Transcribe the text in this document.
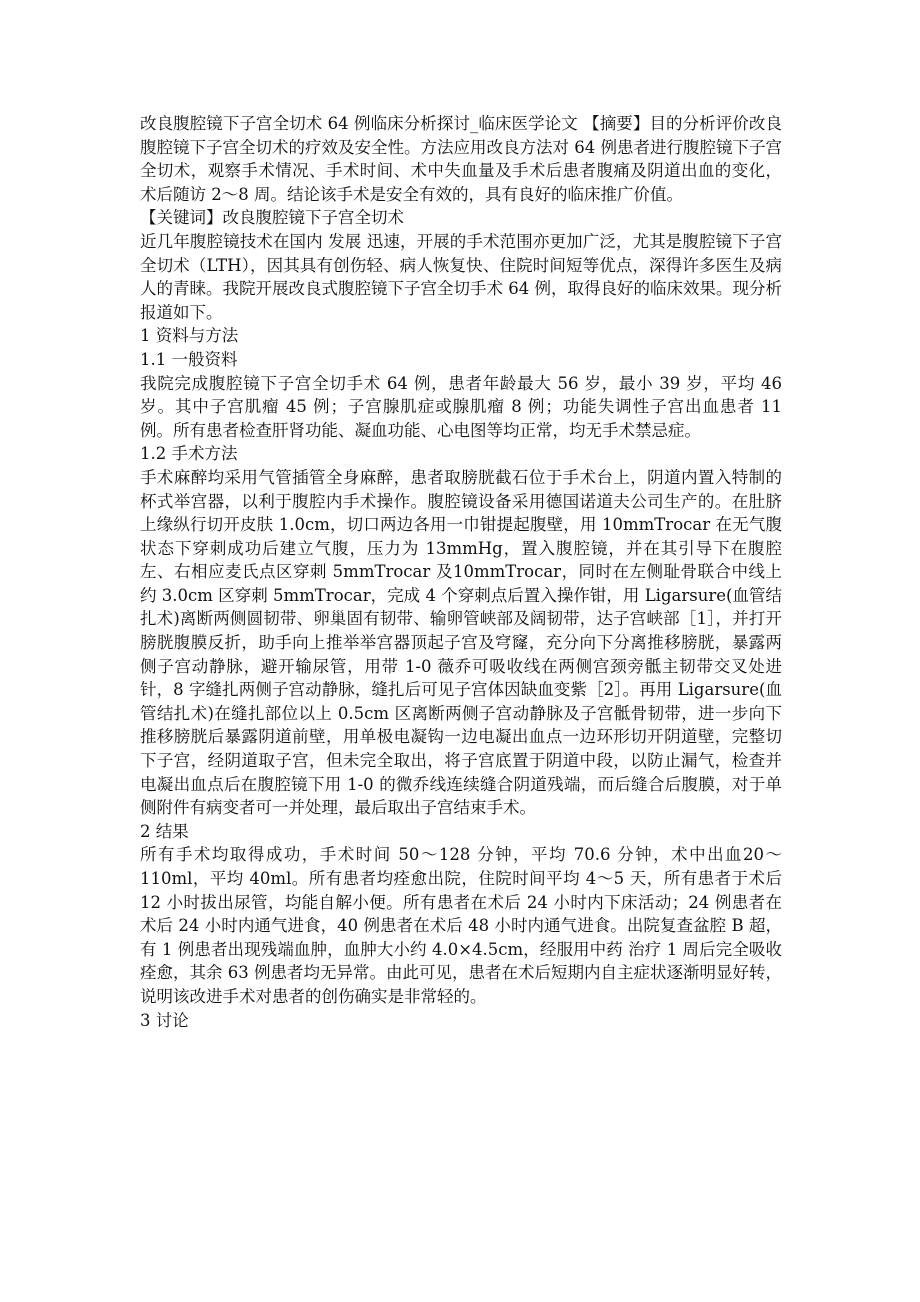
改良腹腔镜下子宫全切术 64 例临床分析探讨_临床医学论文 【摘要】目的分析评价改良腹腔镜下子宫全切术的疗效及安全性。方法应用改良方法对 64 例患者进行腹腔镜下子宫全切术，观察手术情况、手术时间、术中失血量及手术后患者腹痛及阴道出血的变化，术后随访 2～8 周。结论该手术是安全有效的，具有良好的临床推广价值。

【关键词】改良腹腔镜下子宫全切术

近几年腹腔镜技术在国内 发展 迅速，开展的手术范围亦更加广泛，尤其是腹腔镜下子宫全切术（LTH），因其具有创伤轻、病人恢复快、住院时间短等优点，深得许多医生及病人的青睐。我院开展改良式腹腔镜下子宫全切手术 64 例，取得良好的临床效果。现分析报道如下。

1 资料与方法

1.1 一般资料

我院完成腹腔镜下子宫全切手术 64 例，患者年龄最大 56 岁，最小 39 岁，平均 46 岁。其中子宫肌瘤 45 例；子宫腺肌症或腺肌瘤 8 例；功能失调性子宫出血患者 11 例。所有患者检查肝肾功能、凝血功能、心电图等均正常，均无手术禁忌症。

1.2 手术方法

手术麻醉均采用气管插管全身麻醉，患者取膀胱截石位于手术台上，阴道内置入特制的杯式举宫器，以利于腹腔内手术操作。腹腔镜设备采用德国诺道夫公司生产的。在肚脐上缘纵行切开皮肤 1.0cm，切口两边各用一巾钳提起腹壁，用 10mmTrocar 在无气腹状态下穿刺成功后建立气腹，压力为 13mmHg，置入腹腔镜，并在其引导下在腹腔左、右相应麦氏点区穿刺 5mmTrocar 及10mmTrocar，同时在左侧耻骨联合中线上约 3.0cm 区穿刺 5mmTrocar，完成 4 个穿刺点后置入操作钳，用 Ligarsure(血管结扎术)离断两侧圆韧带、卵巢固有韧带、输卵管峡部及阔韧带，达子宫峡部［1］，并打开膀胱腹膜反折，助手向上推举举宫器顶起子宫及穹窿，充分向下分离推移膀胱，暴露两侧子宫动静脉，避开输尿管，用带 1-0 薇乔可吸收线在两侧宫颈旁骶主韧带交叉处进针，8 字缝扎两侧子宫动静脉，缝扎后可见子宫体因缺血变紫［2］。再用 Ligarsure(血管结扎术)在缝扎部位以上 0.5cm 区离断两侧子宫动静脉及子宫骶骨韧带，进一步向下推移膀胱后暴露阴道前壁，用单极电凝钩一边电凝出血点一边环形切开阴道壁，完整切下子宫，经阴道取子宫，但未完全取出，将子宫底置于阴道中段，以防止漏气，检查并电凝出血点后在腹腔镜下用 1-0 的微乔线连续缝合阴道残端，而后缝合后腹膜，对于单侧附件有病变者可一并处理，最后取出子宫结束手术。

2 结果

所有手术均取得成功，手术时间 50～128 分钟，平均 70.6 分钟，术中出血20～110ml，平均 40ml。所有患者均痊愈出院，住院时间平均 4～5 天，所有患者于术后 12 小时拔出尿管，均能自解小便。所有患者在术后 24 小时内下床活动；24 例患者在术后 24 小时内通气进食，40 例患者在术后 48 小时内通气进食。出院复查盆腔 B 超，有 1 例患者出现残端血肿，血肿大小约 4.0×4.5cm，经服用中药 治疗 1 周后完全吸收痊愈，其余 63 例患者均无异常。由此可见，患者在术后短期内自主症状逐渐明显好转，说明该改进手术对患者的创伤确实是非常轻的。

3 讨论
